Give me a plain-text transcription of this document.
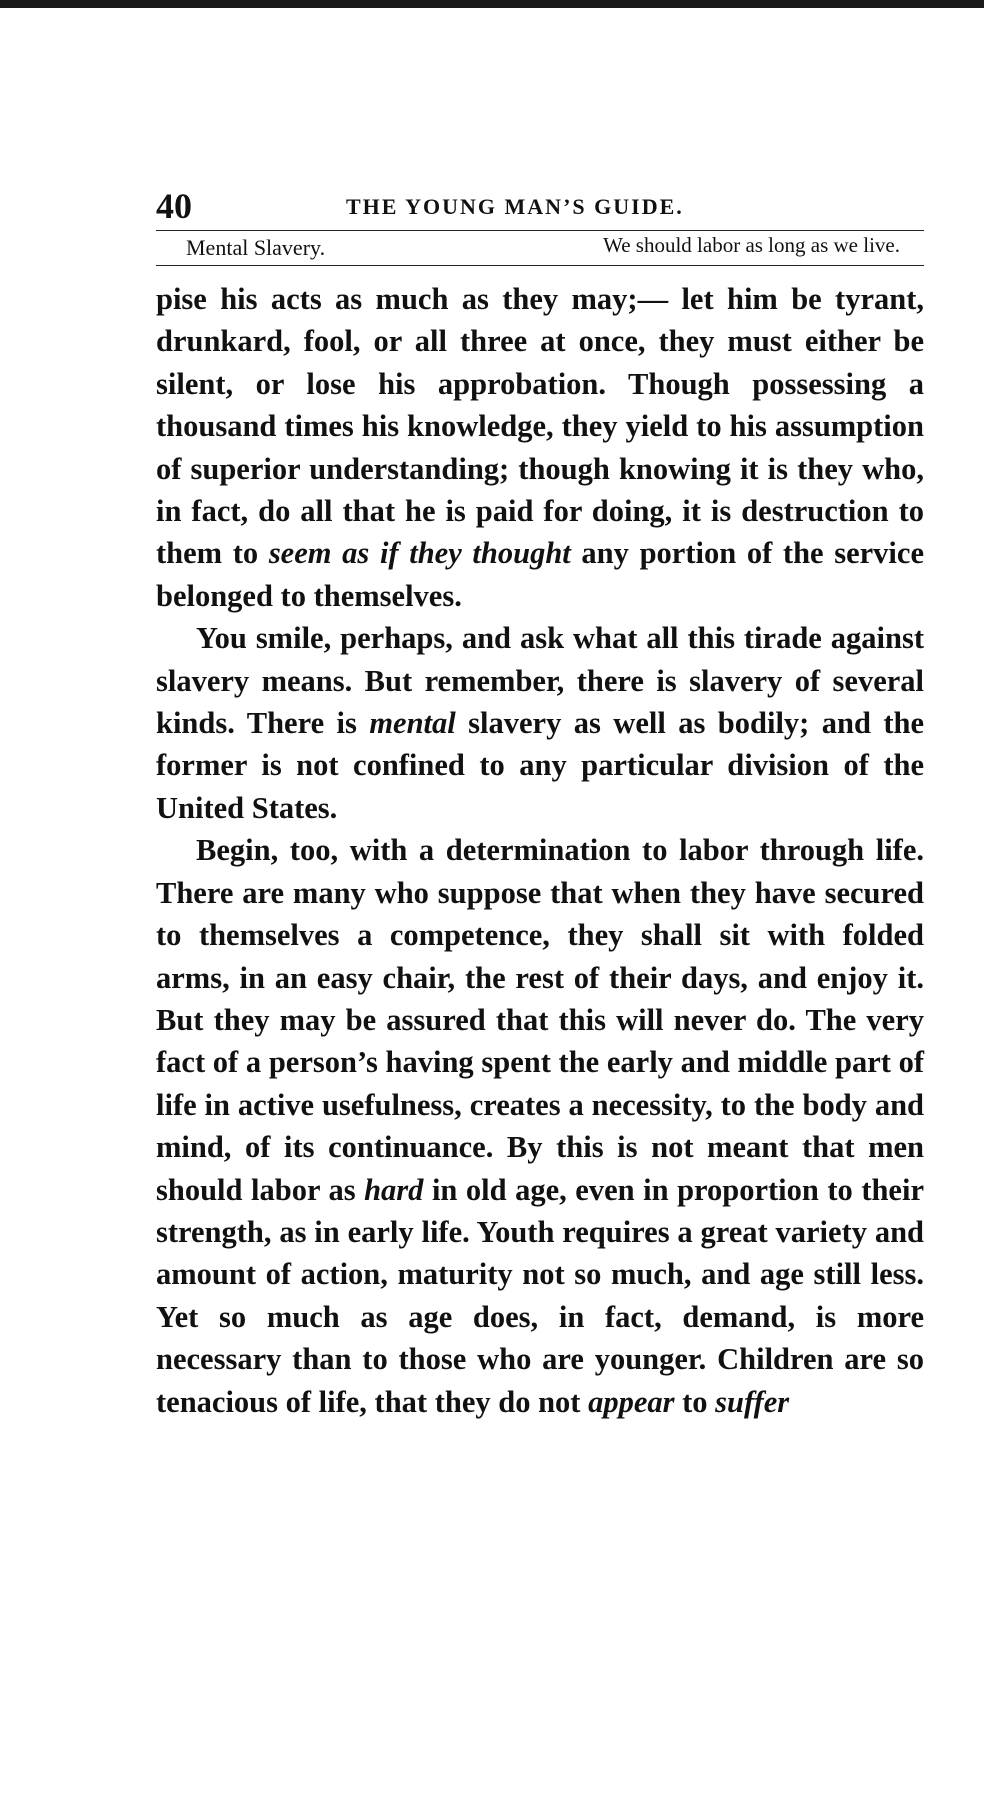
40	THE YOUNG MAN’S GUIDE.
Mental Slavery.	We should labor as long as we live.

pise his acts as much as they may;— let him be tyrant, drunkard, fool, or all three at once, they must either be silent, or lose his approbation. Though possessing a thousand times his knowledge, they yield to his assumption of superior understanding; though knowing it is they who, in fact, do all that he is paid for doing, it is destruction to them to seem as if they thought any portion of the service belonged to themselves.

You smile, perhaps, and ask what all this tirade against slavery means. But remember, there is slavery of several kinds. There is mental slavery as well as bodily; and the former is not confined to any particular division of the United States.

Begin, too, with a determination to labor through life. There are many who suppose that when they have secured to themselves a competence, they shall sit with folded arms, in an easy chair, the rest of their days, and enjoy it. But they may be assured that this will never do. The very fact of a person’s having spent the early and middle part of life in active usefulness, creates a necessity, to the body and mind, of its continuance. By this is not meant that men should labor as hard in old age, even in proportion to their strength, as in early life. Youth requires a great variety and amount of action, maturity not so much, and age still less. Yet so much as age does, in fact, demand, is more necessary than to those who are younger. Children are so tenacious of life, that they do not appear to suffer
